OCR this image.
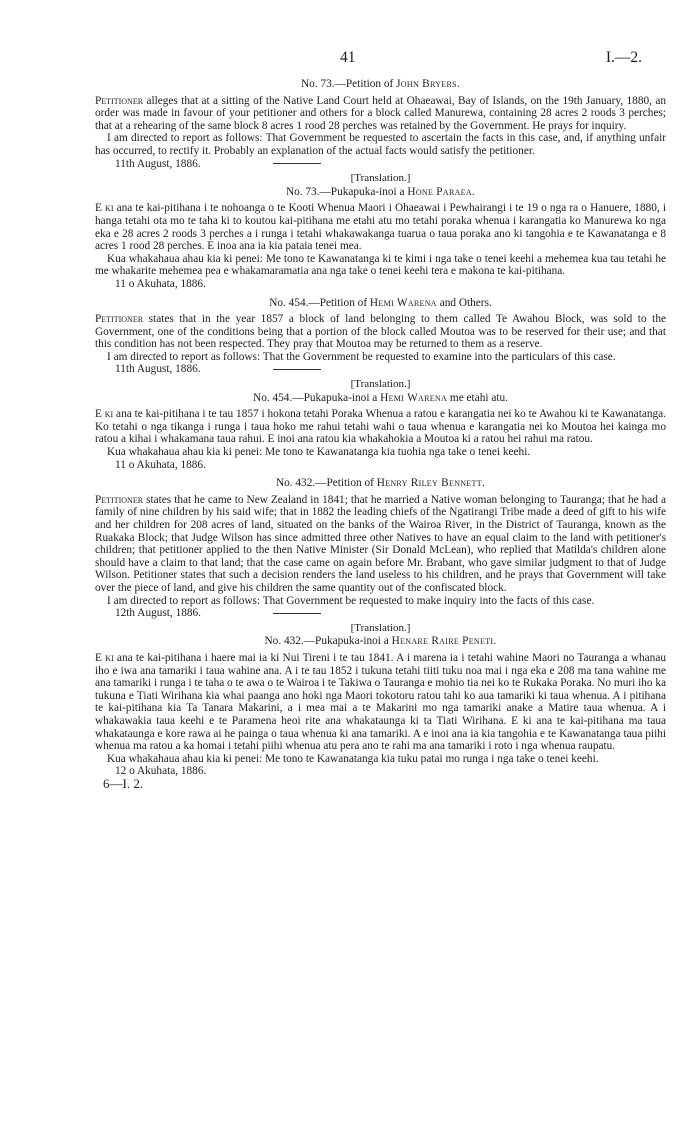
41	I.—2.

No. 73.—Petition of John Bryers.

Petitioner alleges that at a sitting of the Native Land Court held at Ohaeawai, Bay of Islands, on the 19th January, 1880, an order was made in favour of your petitioner and others for a block called Manurewa, containing 28 acres 2 roods 3 perches; that at a rehearing of the same block 8 acres 1 rood 28 perches was retained by the Government. He prays for inquiry.

I am directed to report as follows: That Government be requested to ascertain the facts in this case, and, if anything unfair has occurred, to rectify it. Probably an explanation of the actual facts would satisfy the petitioner.

11th August, 1886.

[Translation.]

No. 73.—Pukapuka-inoi a Hone Paraea.

E ki ana te kai-pitihana i te nohoanga o te Kooti Whenua Maori i Ohaeawai i Pewhairangi i te 19 o nga ra o Hanuere, 1880, i hanga tetahi ota mo te taha ki to koutou kai-pitihana me etahi atu mo tetahi poraka whenua i karangatia ko Manurewa ko nga eka e 28 acres 2 roods 3 perches a i runga i tetahi whakawakanga tuarua o taua poraka ano ki tangohia e te Kawanatanga e 8 acres 1 rood 28 perches. E inoa ana ia kia pataia tenei mea.

Kua whakahaua ahau kia ki penei: Me tono te Kawanatanga ki te kimi i nga take o tenei keehi a mehemea kua tau tetahi he me whakarite mehemea pea e whakamaramatia ana nga take o tenei keehi tera e makona te kai-pitihana.

11 o Akuhata, 1886.

No. 454.—Petition of Hemi Warena and Others.

Petitioner states that in the year 1857 a block of land belonging to them called Te Awahou Block, was sold to the Government, one of the conditions being that a portion of the block called Moutoa was to be reserved for their use; and that this condition has not been respected. They pray that Moutoa may be returned to them as a reserve.

I am directed to report as follows: That the Government be requested to examine into the particulars of this case.

11th August, 1886.

[Translation.]

No. 454.—Pukapuka-inoi a Hemi Warena me etahi atu.

E ki ana te kai-pitihana i te tau 1857 i hokona tetahi Poraka Whenua a ratou e karangatia nei ko te Awahou ki te Kawanatanga. Ko tetahi o nga tikanga i runga i taua hoko me rahui tetahi wahi o taua whenua e karangatia nei ko Moutoa hei kainga mo ratou a kihai i whakamana taua rahui. E inoi ana ratou kia whakahokia a Moutoa ki a ratou hei rahui ma ratou.

Kua whakahaua ahau kia ki penei: Me tono te Kawanatanga kia tuohia nga take o tenei keehi.

11 o Akuhata, 1886.

No. 432.—Petition of Henry Riley Bennett.

Petitioner states that he came to New Zealand in 1841; that he married a Native woman belonging to Tauranga; that he had a family of nine children by his said wife; that in 1882 the leading chiefs of the Ngatirangi Tribe made a deed of gift to his wife and her children for 208 acres of land, situated on the banks of the Wairoa River, in the District of Tauranga, known as the Ruakaka Block; that Judge Wilson has since admitted three other Natives to have an equal claim to the land with petitioner's children; that petitioner applied to the then Native Minister (Sir Donald McLean), who replied that Matilda's children alone should have a claim to that land; that the case came on again before Mr. Brabant, who gave similar judgment to that of Judge Wilson. Petitioner states that such a decision renders the land useless to his children, and he prays that Government will take over the piece of land, and give his children the same quantity out of the confiscated block.

I am directed to report as follows: That Government be requested to make inquiry into the facts of this case.

12th August, 1886.

[Translation.]

No. 432.—Pukapuka-inoi a Henare Raire Peneti.

E ki ana te kai-pitihana i haere mai ia ki Nui Tireni i te tau 1841. A i marena ia i tetahi wahine Maori no Tauranga a whanau iho e iwa ana tamariki i taua wahine ana. A i te tau 1852 i tukuna tetahi tiiti tuku noa mai i nga eka e 208 ma tana wahine me ana tamariki i runga i te taha o te awa o te Wairoa i te Takiwa o Tauranga e mohio tia nei ko te Rukaka Poraka. No muri iho ka tukuna e Tiati Wirihana kia whai paanga ano hoki nga Maori tokotoru ratou tahi ko aua tamariki ki taua whenua. A i pitihana te kai-pitihana kia Ta Tanara Makarini, a i mea mai a te Makarini mo nga tamariki anake a Matire taua whenua. A i whakawakia taua keehi e te Paramena heoi rite ana whakataunga ki ta Tiati Wirihana. E ki ana te kai-pitihana ma taua whakataunga e kore rawa ai he painga o taua whenua ki ana tamariki. A e inoi ana ia kia tangohia e te Kawanatanga taua piihi whenua ma ratou a ka homai i tetahi piihi whenua atu pera ano te rahi ma ana tamariki i roto i nga whenua raupatu.

Kua whakahaua ahau kia ki penei: Me tono te Kawanatanga kia tuku patai mo runga i nga take o tenei keehi.

12 o Akuhata, 1886.

6—I. 2.
